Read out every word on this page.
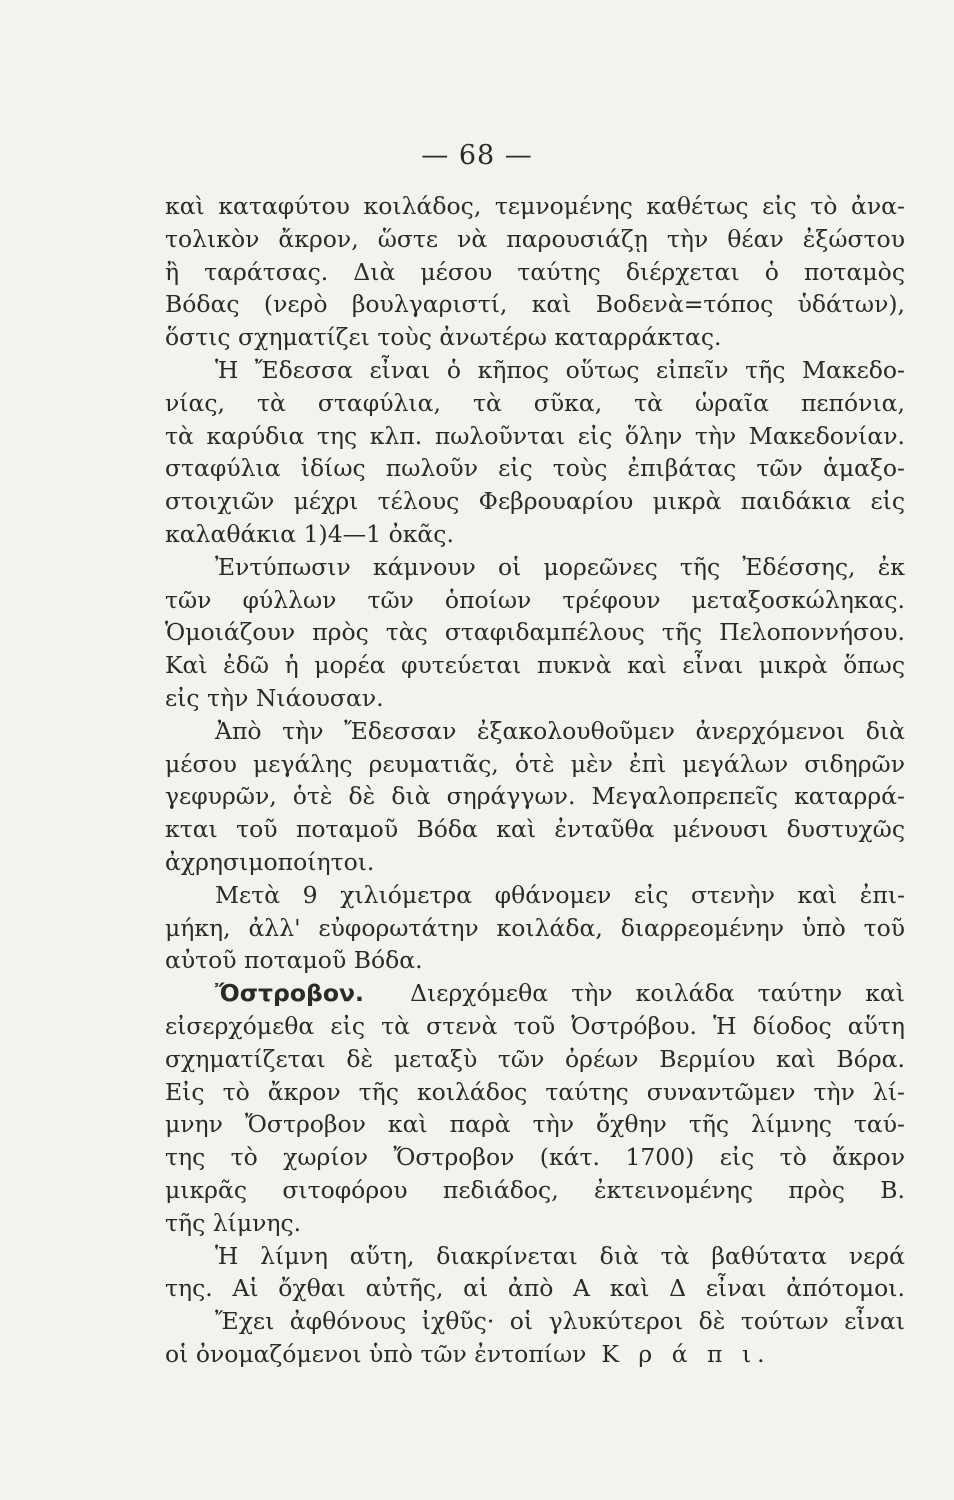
— 68 —
καὶ καταφύτου κοιλάδος, τεμνομένης καθέτως εἰς τὸ ἀνα-
τολικὸν ἄκρον, ὥστε νὰ παρουσιάζῃ τὴν θέαν ἐξώστου
ἢ ταράτσας. Διὰ μέσου ταύτης διέρχεται ὁ ποταμὸς
Βόδας (νερὸ βουλγαριστί, καὶ Βοδενὰ=τόπος ὑδάτων),
ὅστις σχηματίζει τοὺς ἀνωτέρω καταρράκτας.
Ἡ Ἔδεσσα εἶναι ὁ κῆπος οὕτως εἰπεῖν τῆς Μακεδο-
νίας, τὰ σταφύλια, τὰ σῦκα, τὰ ὡραῖα πεπόνια,
τὰ καρύδια της κλπ. πωλοῦνται εἰς ὅλην τὴν Μακεδονίαν.
σταφύλια ἰδίως πωλοῦν εἰς τοὺς ἐπιβάτας τῶν ἁμαξο-
στοιχιῶν μέχρι τέλους Φεβρουαρίου μικρὰ παιδάκια εἰς
καλαθάκια 1)4—1 ὀκᾶς.
Ἐντύπωσιν κάμνουν οἱ μορεῶνες τῆς Ἐδέσσης, ἐκ
τῶν φύλλων τῶν ὁποίων τρέφουν μεταξοσκώληκας.
Ὁμοιάζουν πρὸς τὰς σταφιδαμπέλους τῆς Πελοποννήσου.
Καὶ ἐδῶ ἡ μορέα φυτεύεται πυκνὰ καὶ εἶναι μικρὰ ὅπως
εἰς τὴν Νιάουσαν.
Ἀπὸ τὴν Ἔδεσσαν ἐξακολουθοῦμεν ἀνερχόμενοι διὰ
μέσου μεγάλης ρευματιᾶς, ὁτὲ μὲν ἐπὶ μεγάλων σιδηρῶν
γεφυρῶν, ὁτὲ δὲ διὰ σηράγγων. Μεγαλοπρεπεῖς καταρρά-
κται τοῦ ποταμοῦ Βόδα καὶ ἐνταῦθα μένουσι δυστυχῶς
ἀχρησιμοποίητοι.
Μετὰ 9 χιλιόμετρα φθάνομεν εἰς στενὴν καὶ ἐπι-
μήκη, ἀλλ' εὐφορωτάτην κοιλάδα, διαρρεομένην ὑπὸ τοῦ
αὐτοῦ ποταμοῦ Βόδα.
Ὄστροβον. Διερχόμεθα τὴν κοιλάδα ταύτην καὶ
εἰσερχόμεθα εἰς τὰ στενὰ τοῦ Ὀστρόβου. Ἡ δίοδος αὕτη
σχηματίζεται δὲ μεταξὺ τῶν ὀρέων Βερμίου καὶ Βόρα.
Εἰς τὸ ἄκρον τῆς κοιλάδος ταύτης συναντῶμεν τὴν λί-
μνην Ὄστροβον καὶ παρὰ τὴν ὄχθην τῆς λίμνης ταύ-
της τὸ χωρίον Ὄστροβον (κάτ. 1700) εἰς τὸ ἄκρον
μικρᾶς σιτοφόρου πεδιάδος, ἐκτεινομένης πρὸς Β.
τῆς λίμνης.
Ἡ λίμνη αὕτη, διακρίνεται διὰ τὰ βαθύτατα νερά
της. Αἱ ὄχθαι αὐτῆς, αἱ ἀπὸ Α καὶ Δ εἶναι ἀπότομοι.
Ἔχει ἀφθόνους ἰχθῦς· οἱ γλυκύτεροι δὲ τούτων εἶναι
οἱ ὀνομαζόμενοι ὑπὸ τῶν ἐντοπίων Κ ρ ά π ι.
